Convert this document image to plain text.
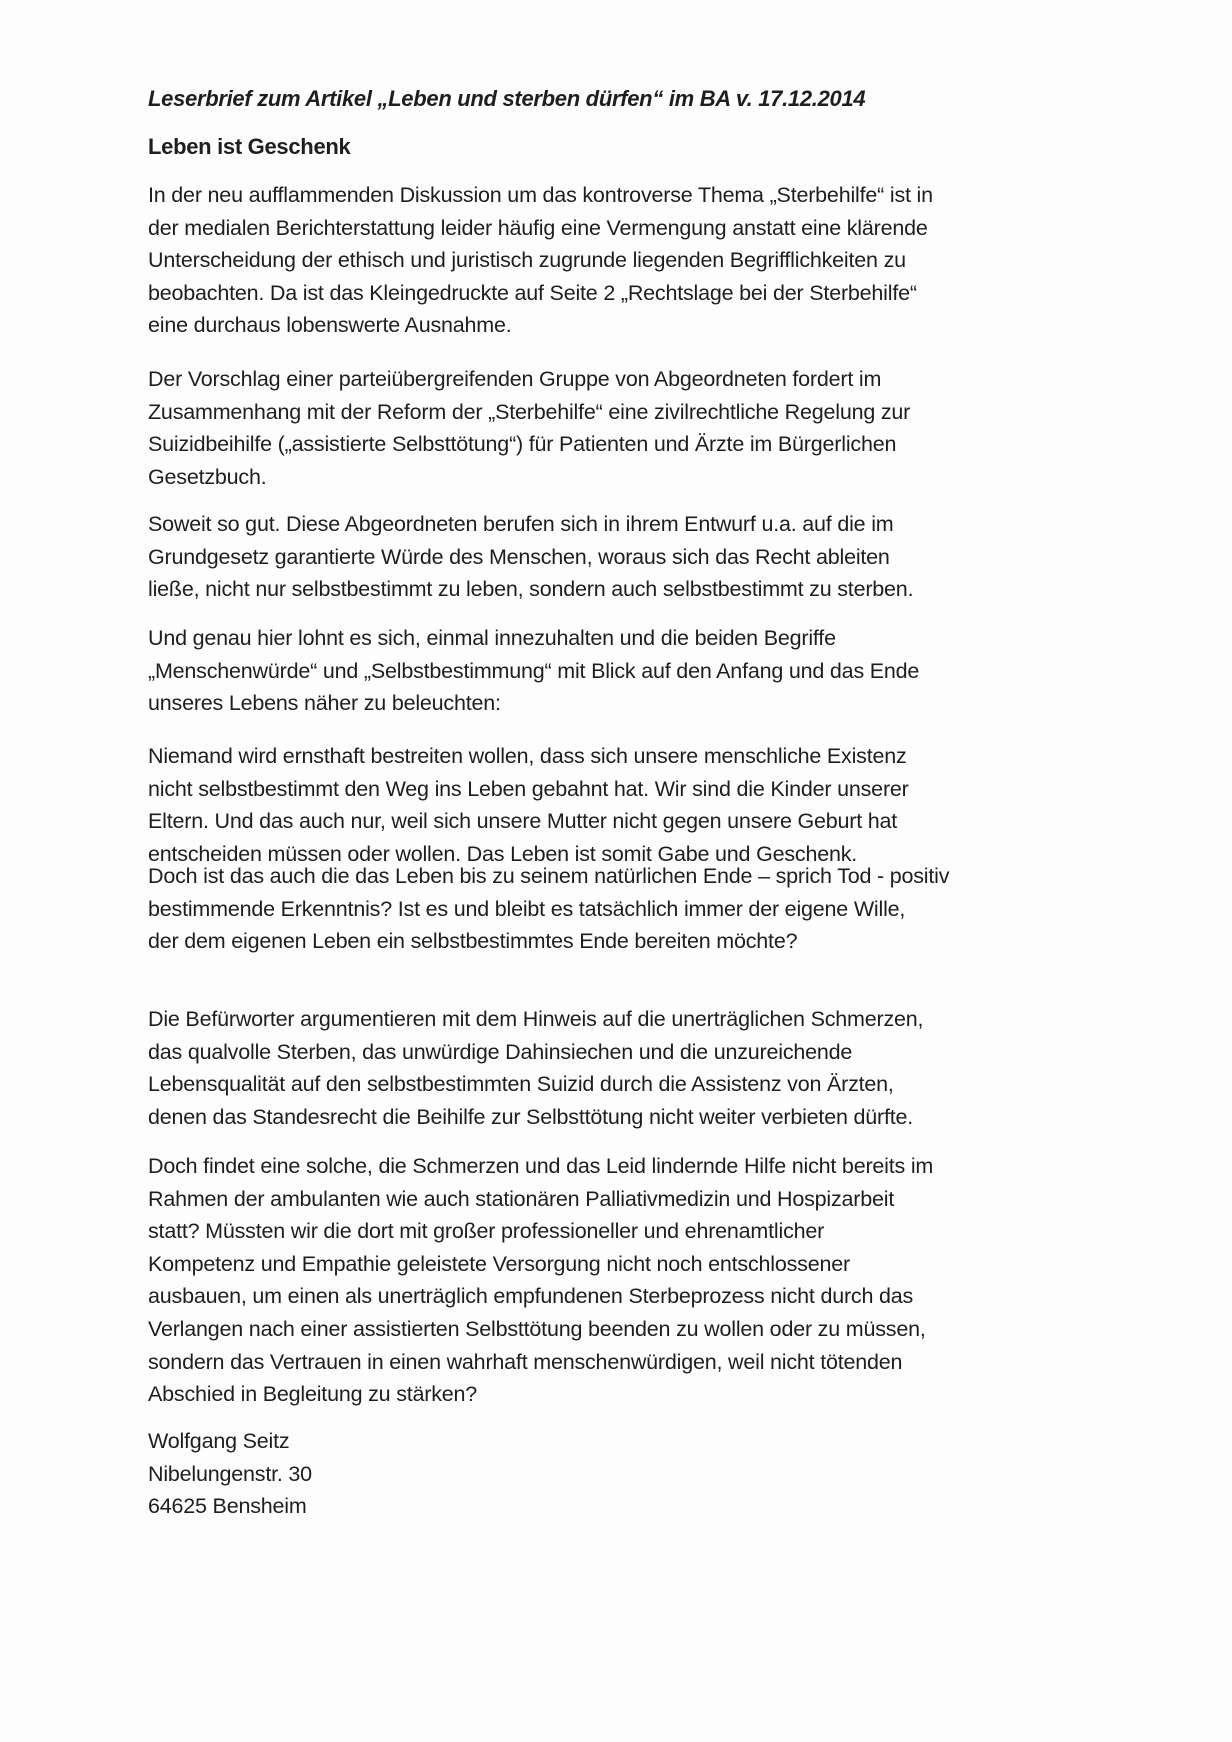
Leserbrief zum Artikel „Leben und sterben dürfen“ im BA v. 17.12.2014
Leben ist Geschenk
In der neu aufflammenden Diskussion um das kontroverse Thema „Sterbehilfe“ ist in
der medialen Berichterstattung leider häufig eine Vermengung anstatt eine klärende
Unterscheidung der ethisch und juristisch zugrunde liegenden Begrifflichkeiten zu
beobachten. Da ist das Kleingedruckte auf Seite 2 „Rechtslage bei der Sterbehilfe“
eine durchaus lobenswerte Ausnahme.
Der Vorschlag einer parteiübergreifenden Gruppe von Abgeordneten fordert im
Zusammenhang mit der Reform der „Sterbehilfe“ eine zivilrechtliche Regelung zur
Suizidbeihilfe („assistierte Selbsttötung“) für Patienten und Ärzte im Bürgerlichen
Gesetzbuch.
Soweit so gut. Diese Abgeordneten berufen sich in ihrem Entwurf u.a. auf die im
Grundgesetz garantierte Würde des Menschen, woraus sich das Recht ableiten
ließe, nicht nur selbstbestimmt zu leben, sondern auch selbstbestimmt zu sterben.
Und genau hier lohnt es sich, einmal innezuhalten und die beiden Begriffe
„Menschenwürde“ und „Selbstbestimmung“ mit Blick auf den Anfang und das Ende
unseres Lebens näher zu beleuchten:
Niemand wird ernsthaft bestreiten wollen, dass sich unsere menschliche Existenz
nicht selbstbestimmt den Weg ins Leben gebahnt hat. Wir sind die Kinder unserer
Eltern. Und das auch nur, weil sich unsere Mutter nicht gegen unsere Geburt hat
entscheiden müssen oder wollen. Das Leben ist somit Gabe und Geschenk.
Doch ist das auch die das Leben bis zu seinem natürlichen Ende – sprich Tod - positiv
bestimmende Erkenntnis? Ist es und bleibt es tatsächlich immer der eigene Wille,
der dem eigenen Leben ein selbstbestimmtes Ende bereiten möchte?
Die Befürworter argumentieren mit dem Hinweis auf die unerträglichen Schmerzen,
das qualvolle Sterben, das unwürdige Dahinsiechen und die unzureichende
Lebensqualität auf den selbstbestimmten Suizid durch die Assistenz von Ärzten,
denen das Standesrecht die Beihilfe zur Selbsttötung nicht weiter verbieten dürfte.
Doch findet eine solche, die Schmerzen und das Leid lindernde Hilfe nicht bereits im
Rahmen der ambulanten wie auch stationären Palliativmedizin und Hospizarbeit
statt? Müssten wir die dort mit großer professioneller und ehrenamtlicher
Kompetenz und Empathie geleistete Versorgung nicht noch entschlossener
ausbauen, um einen als unerträglich empfundenen Sterbeprozess nicht durch das
Verlangen nach einer assistierten Selbsttötung beenden zu wollen oder zu müssen,
sondern das Vertrauen in einen wahrhaft menschenwürdigen, weil nicht tötenden
Abschied in Begleitung zu stärken?
Wolfgang Seitz
Nibelungenstr. 30
64625 Bensheim
